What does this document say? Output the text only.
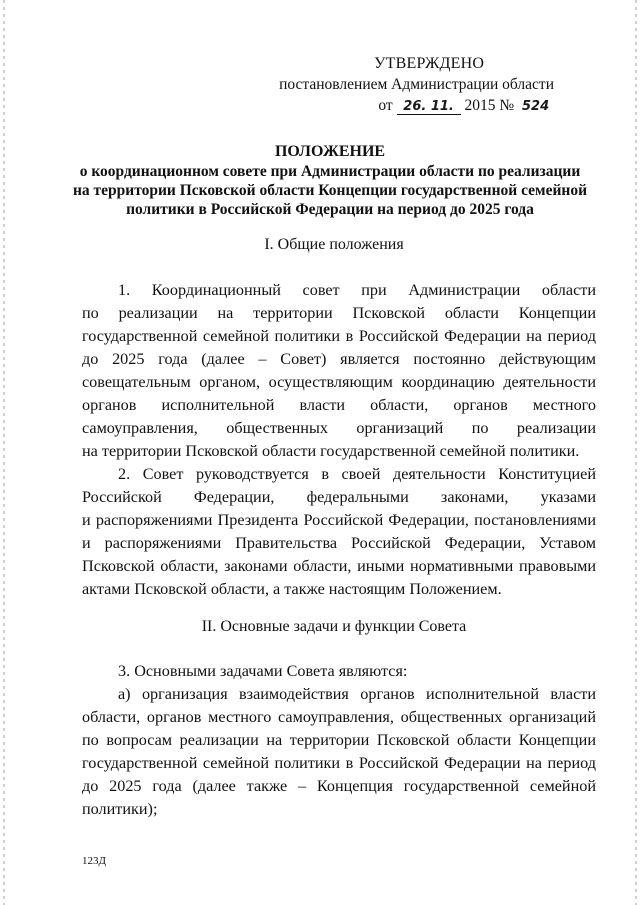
УТВЕРЖДЕНО
постановлением Администрации области
от 26. 11. 2015 № 524
ПОЛОЖЕНИЕ
о координационном совете при Администрации области по реализации
на территории Псковской области Концепции государственной семейной
политики в Российской Федерации на период до 2025 года
I. Общие положения
1. Координационный совет при Администрации области
по реализации на территории Псковской области Концепции
государственной семейной политики в Российской Федерации на период
до 2025 года (далее – Совет) является постоянно действующим
совещательным органом, осуществляющим координацию деятельности
органов исполнительной власти области, органов местного
самоуправления, общественных организаций по реализации
на территории Псковской области государственной семейной политики.
2. Совет руководствуется в своей деятельности Конституцией
Российской Федерации, федеральными законами, указами
и распоряжениями Президента Российской Федерации, постановлениями
и распоряжениями Правительства Российской Федерации, Уставом
Псковской области, законами области, иными нормативными правовыми
актами Псковской области, а также настоящим Положением.
II. Основные задачи и функции Совета
3. Основными задачами Совета являются:
а) организация взаимодействия органов исполнительной власти
области, органов местного самоуправления, общественных организаций
по вопросам реализации на территории Псковской области Концепции
государственной семейной политики в Российской Федерации на период
до 2025 года (далее также – Концепция государственной семейной
политики);
123Д
